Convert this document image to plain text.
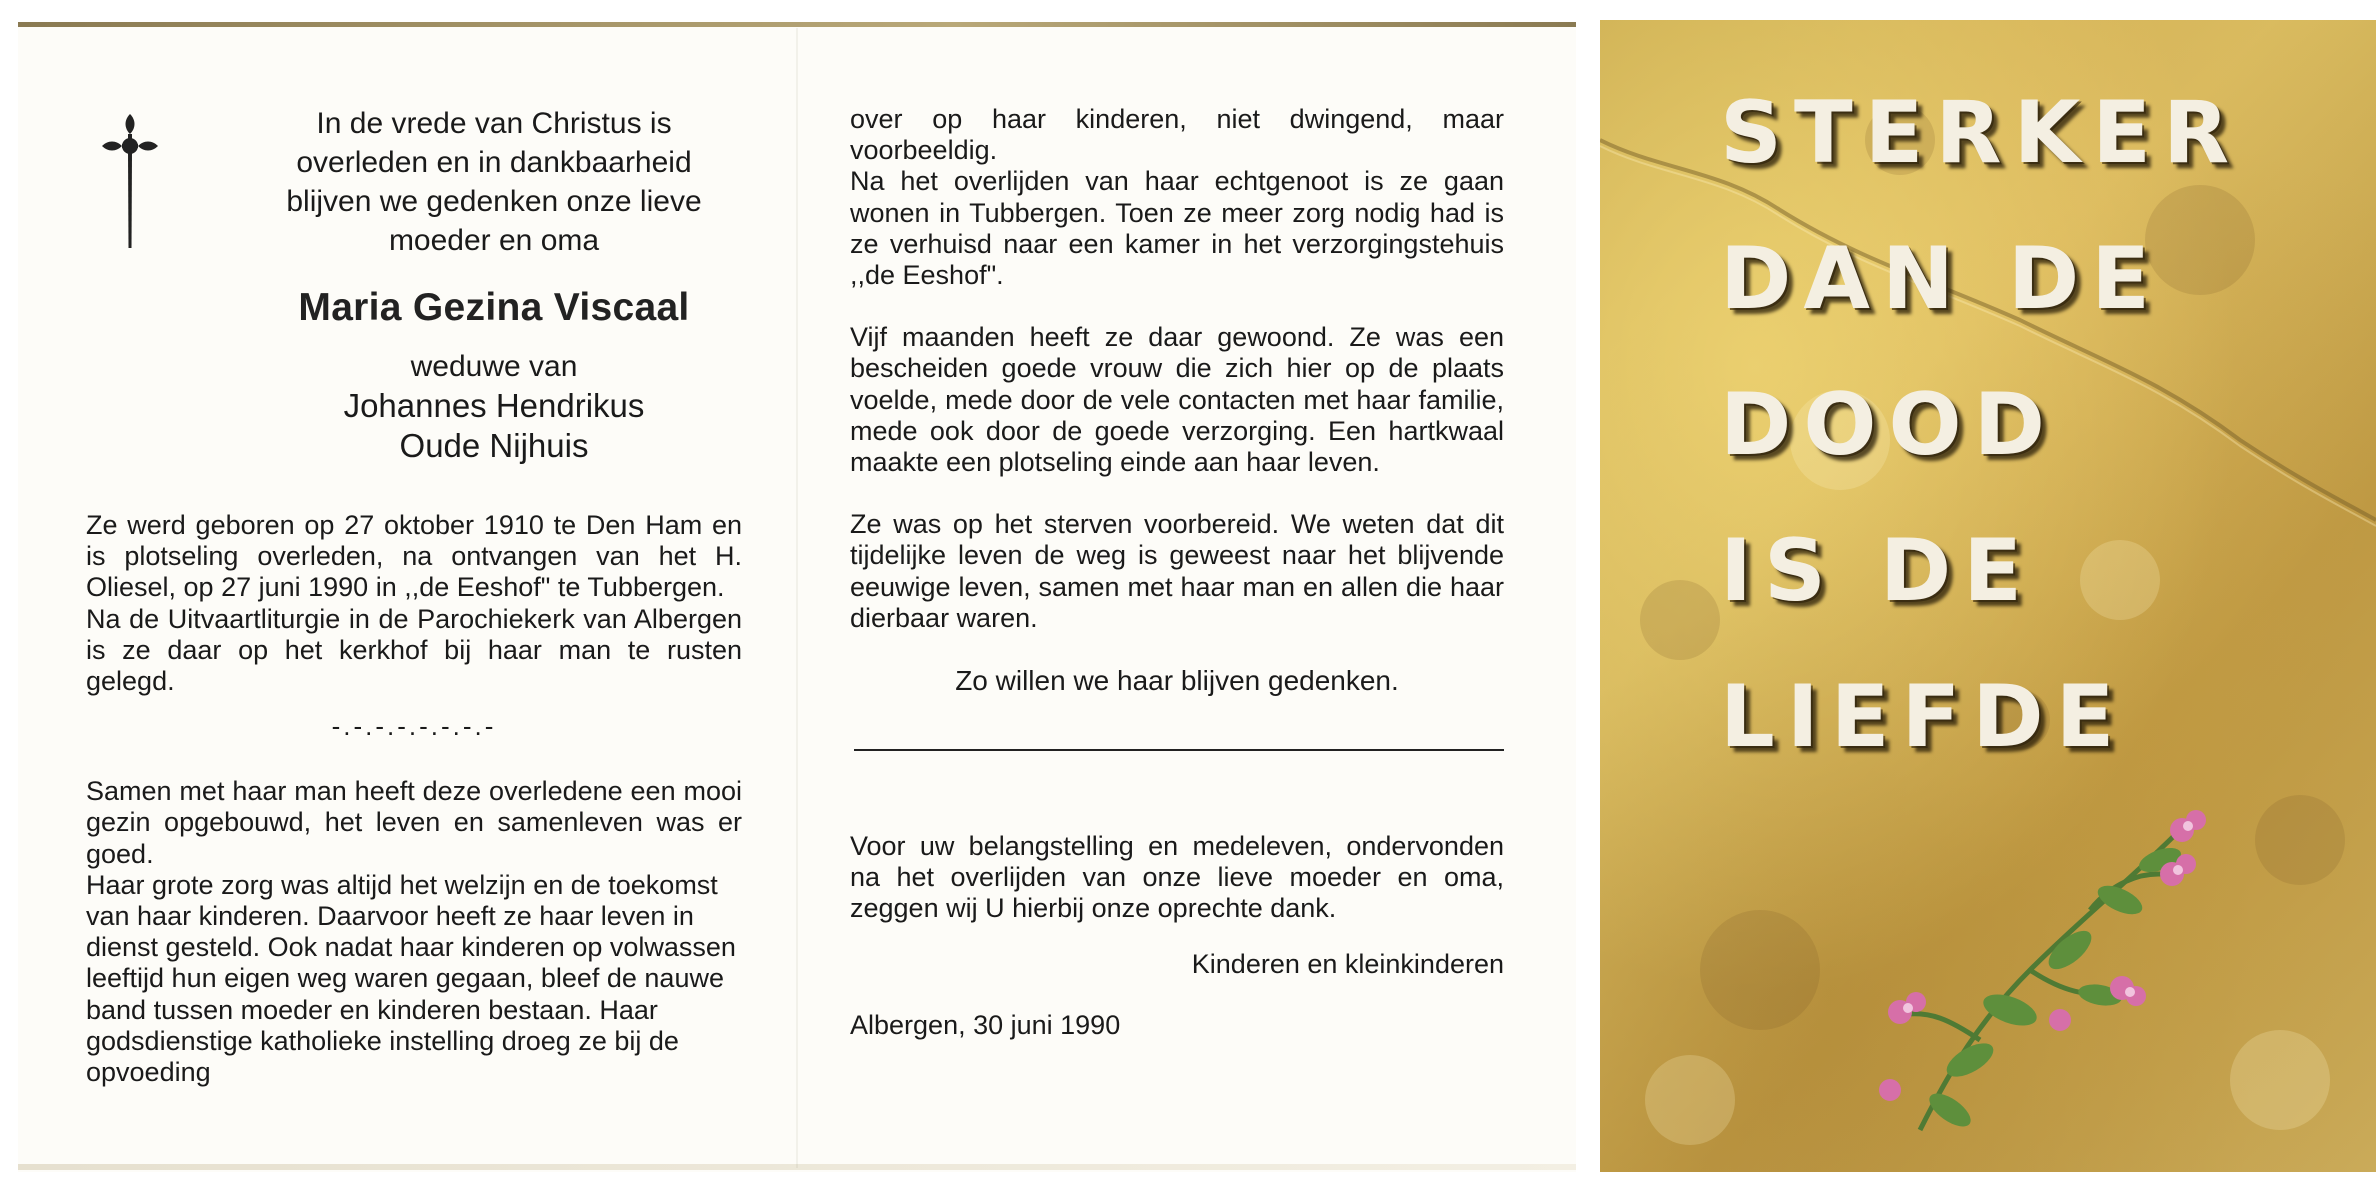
In de vrede van Christus is
overleden en in dankbaarheid
blijven we gedenken onze lieve
moeder en oma
Maria Gezina Viscaal
weduwe van
Johannes Hendrikus
Oude Nijhuis

Ze werd geboren op 27 oktober 1910 te Den Ham en is plotseling overleden, na ontvangen van het H. Oliesel, op 27 juni 1990 in ,,de Eeshof" te Tubbergen.

Na de Uitvaartliturgie in de Parochiekerk van Albergen is ze daar op het kerkhof bij haar man te rusten gelegd.

-.-.-.-.-.-.-.-

Samen met haar man heeft deze overledene een mooi gezin opgebouwd, het leven en samenleven was er goed.

Haar grote zorg was altijd het welzijn en de toekomst van haar kinderen. Daarvoor heeft ze haar leven in dienst gesteld. Ook nadat haar kinderen op volwassen leeftijd hun eigen weg waren gegaan, bleef de nauwe band tussen moeder en kinderen bestaan. Haar godsdienstige katholieke instelling droeg ze bij de opvoeding

over op haar kinderen, niet dwingend, maar voorbeeldig.

Na het overlijden van haar echtgenoot is ze gaan wonen in Tubbergen. Toen ze meer zorg nodig had is ze verhuisd naar een kamer in het verzorgingstehuis ,,de Eeshof".

Vijf maanden heeft ze daar gewoond. Ze was een bescheiden goede vrouw die zich hier op de plaats voelde, mede door de vele contacten met haar familie, mede ook door de goede verzorging. Een hartkwaal maakte een plotseling einde aan haar leven.

Ze was op het sterven voorbereid. We weten dat dit tijdelijke leven de weg is geweest naar het blijvende eeuwige leven, samen met haar man en allen die haar dierbaar waren.

Zo willen we haar blijven gedenken.

Voor uw belangstelling en medeleven, ondervonden na het overlijden van onze lieve moeder en oma, zeggen wij U hierbij onze oprechte dank.

Kinderen en kleinkinderen
Albergen, 30 juni 1990
STERKER
DAN DE
DOOD
IS DE
LIEFDE
